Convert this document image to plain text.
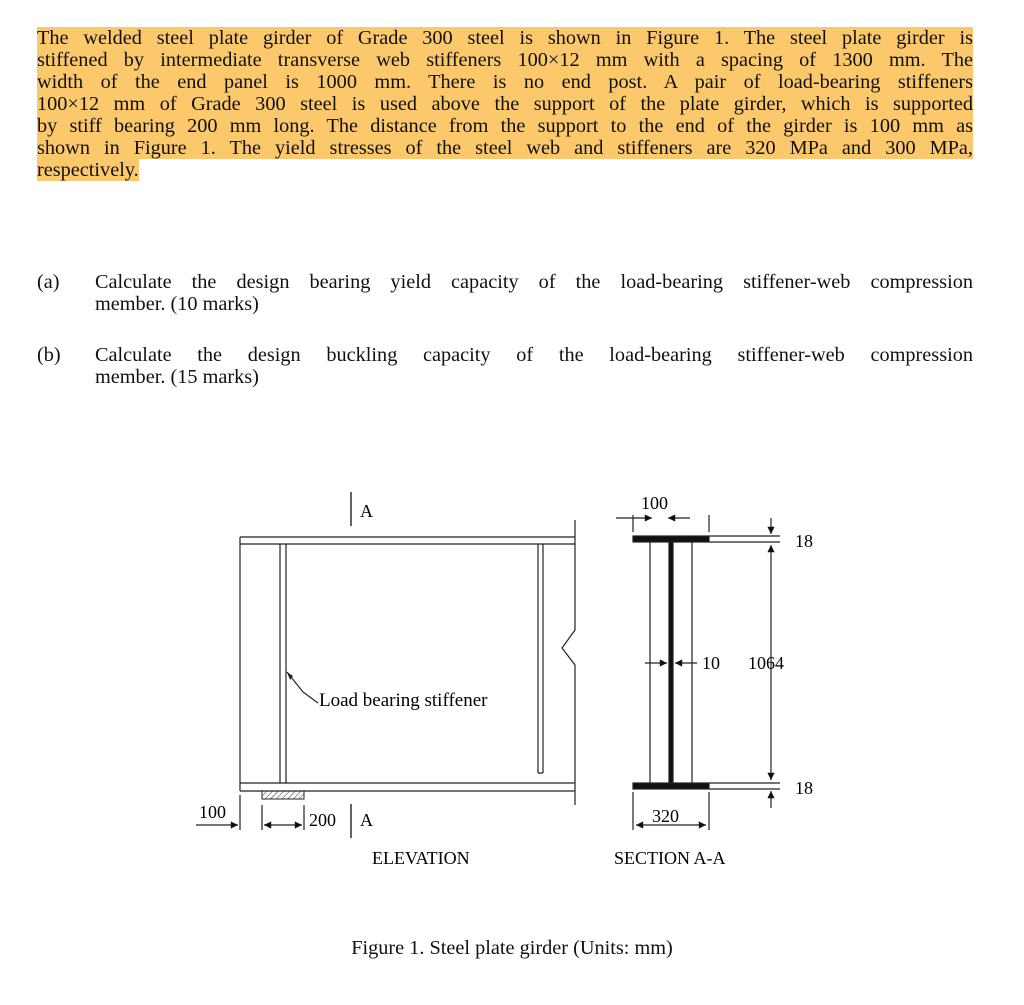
The welded steel plate girder of Grade 300 steel is shown in Figure 1. The steel plate girder is
stiffened by intermediate transverse web stiffeners 100×12 mm with a spacing of 1300 mm. The
width of the end panel is 1000 mm. There is no end post. A pair of load-bearing stiffeners
100×12 mm of Grade 300 steel is used above the support of the plate girder, which is supported
by stiff bearing 200 mm long. The distance from the support to the end of the girder is 100 mm as
shown in Figure 1. The yield stresses of the steel web and stiffeners are 320 MPa and 300 MPa,
respectively.
(a) Calculate the design bearing yield capacity of the load-bearing stiffener-web compression
member. (10 marks)
(b) Calculate the design buckling capacity of the load-bearing stiffener-web compression
member. (15 marks)
A
A
Load bearing stiffener
100	200
ELEVATION
100
18
10 1064
18
320
SECTION A-A
Figure 1. Steel plate girder (Units: mm)
